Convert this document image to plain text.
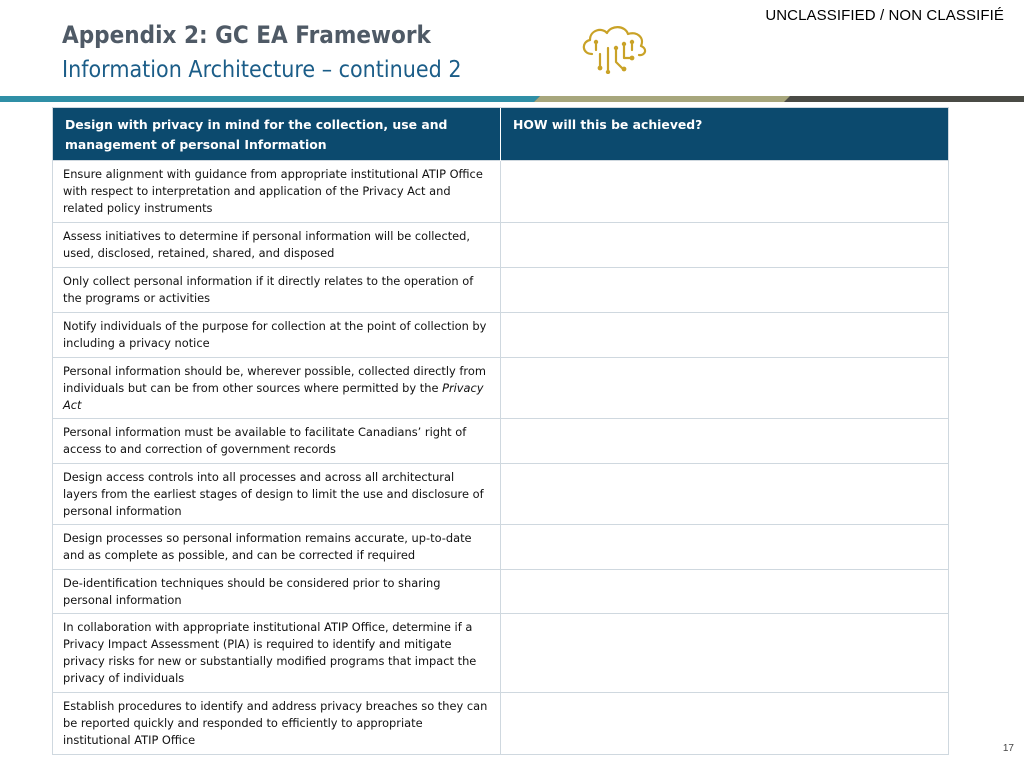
UNCLASSIFIED / NON CLASSIFIÉ
Appendix 2: GC EA Framework
Information Architecture – continued 2
Design with privacy in mind for the collection, use and management of personal Information	HOW will this be achieved?
Ensure alignment with guidance from appropriate institutional ATIP Office with respect to interpretation and application of the Privacy Act and related policy instruments	
Assess initiatives to determine if personal information will be collected, used, disclosed, retained, shared, and disposed	
Only collect personal information if it directly relates to the operation of the programs or activities	
Notify individuals of the purpose for collection at the point of collection by including a privacy notice	
Personal information should be, wherever possible, collected directly from individuals but can be from other sources where permitted by the Privacy Act	
Personal information must be available to facilitate Canadians’ right of access to and correction of government records	
Design access controls into all processes and across all architectural layers from the earliest stages of design to limit the use and disclosure of personal information	
Design processes so personal information remains accurate, up-to-date and as complete as possible, and can be corrected if required	
De-identification techniques should be considered prior to sharing personal information	
In collaboration with appropriate institutional ATIP Office, determine if a Privacy Impact Assessment (PIA) is required to identify and mitigate privacy risks for new or substantially modified programs that impact the privacy of individuals	
Establish procedures to identify and address privacy breaches so they can be reported quickly and responded to efficiently to appropriate institutional ATIP Office	
17
